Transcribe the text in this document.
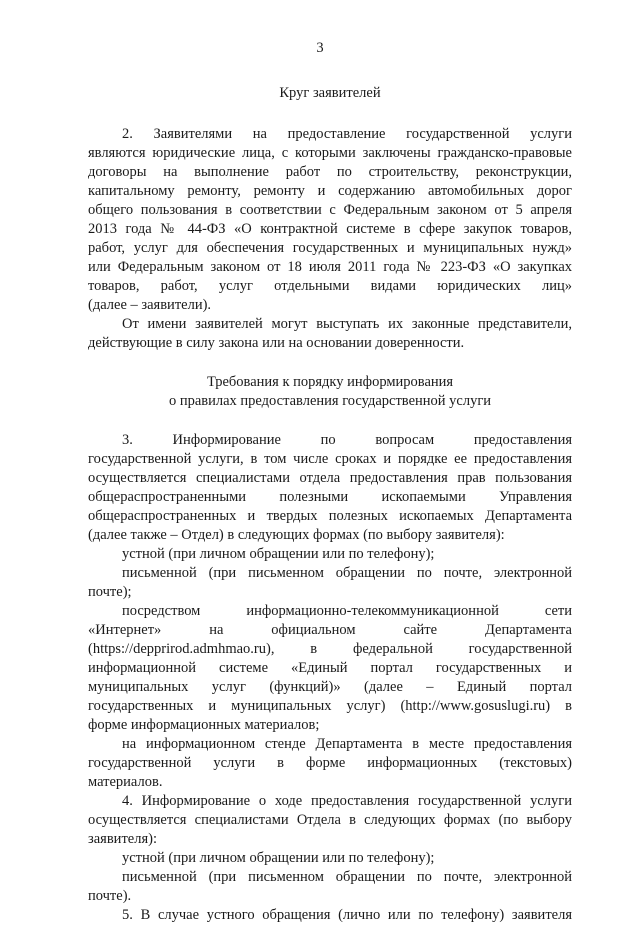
3

Круг заявителей

2. Заявителями на предоставление государственной услуги

являются юридические лица, с которыми заключены гражданско-правовые

договоры на выполнение работ по строительству, реконструкции,

капитальному ремонту, ремонту и содержанию автомобильных дорог

общего пользования в соответствии с Федеральным законом от 5 апреля

2013 года № 44-ФЗ «О контрактной системе в сфере закупок товаров,

работ, услуг для обеспечения государственных и муниципальных нужд»

или Федеральным законом от 18 июля 2011 года № 223-ФЗ «О закупках

товаров, работ, услуг отдельными видами юридических лиц»

(далее – заявители).

От имени заявителей могут выступать их законные представители,

действующие в силу закона или на основании доверенности.

Требования к порядку информирования

о правилах предоставления государственной услуги

3. Информирование по вопросам предоставления

государственной услуги, в том числе сроках и порядке ее предоставления

осуществляется специалистами отдела предоставления прав пользования

общераспространенными полезными ископаемыми Управления

общераспространенных и твердых полезных ископаемых Департамента

(далее также – Отдел) в следующих формах (по выбору заявителя):

устной (при личном обращении или по телефону);

письменной (при письменном обращении по почте, электронной

почте);

посредством информационно-телекоммуникационной сети

«Интернет» на официальном сайте Департамента

(https://depprirod.admhmao.ru), в федеральной государственной

информационной системе «Единый портал государственных и

муниципальных услуг (функций)» (далее – Единый портал

государственных и муниципальных услуг) (http://www.gosuslugi.ru) в

форме информационных материалов;

на информационном стенде Департамента в месте предоставления

государственной услуги в форме информационных (текстовых)

материалов.

4. Информирование о ходе предоставления государственной услуги

осуществляется специалистами Отдела в следующих формах (по выбору

заявителя):

устной (при личном обращении или по телефону);

письменной (при письменном обращении по почте, электронной

почте).

5. В случае устного обращения (лично или по телефону) заявителя
